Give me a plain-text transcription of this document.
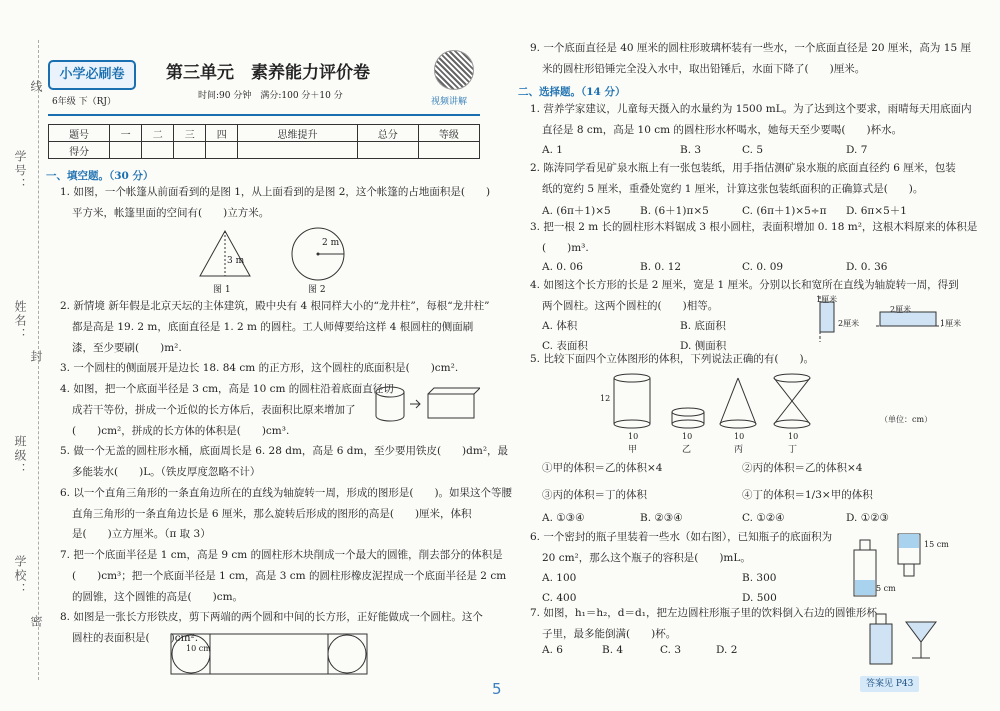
线
学号：
姓名：
封
班级：
学校：
密
小学必刷卷
6年级 下（RJ）
第三单元　素养能力评价卷
时间:90 分钟　满分:100 分＋10 分
视频讲解
题号	一	二	三	四	思维提升	总分	等级
得分							
一、填空题。（30 分）
1. 如图，一个帐篷从前面看到的是图 1，从上面看到的是图 2，这个帐篷的占地面积是(　　)
平方米，帐篷里面的空间有(　　)立方米。
3 m
图 1
2 m
图 2
2. 新情境 新年假是北京天坛的主体建筑，殿中央有 4 根同样大小的“龙井柱”，每根“龙井柱”
都是高是 19. 2 m，底面直径是 1. 2 m 的圆柱。工人师傅要给这样 4 根圆柱的侧面刷
漆，至少要刷(　　)m².
3. 一个圆柱的侧面展开是边长 18. 84 cm 的正方形，这个圆柱的底面积是(　　)cm².
4. 如图，把一个底面半径是 3 cm，高是 10 cm 的圆柱沿着底面直径切
成若干等份，拼成一个近似的长方体后，表面积比原来增加了
(　　)cm²，拼成的长方体的体积是(　　)cm³.
5. 做一个无盖的圆柱形水桶，底面周长是 6. 28 dm，高是 6 dm，至少要用铁皮(　　)dm²，最
多能装水(　　)L。（铁皮厚度忽略不计）
6. 以一个直角三角形的一条直角边所在的直线为轴旋转一周，形成的图形是(　　)。如果这个等腰
直角三角形的一条直角边长是 6 厘米，那么旋转后形成的图形的高是(　　)厘米，体积
是(　　)立方厘米。（π 取 3）
7. 把一个底面半径是 1 cm，高是 9 cm 的圆柱形木块削成一个最大的圆锥，削去部分的体积是
(　　)cm³；把一个底面半径是 1 cm，高是 3 cm 的圆柱形橡皮泥捏成一个底面半径是 2 cm
的圆锥，这个圆锥的高是(　　)cm。
8. 如图是一张长方形铁皮，剪下两端的两个圆和中间的长方形，正好能做成一个圆柱。这个
圆柱的表面积是(　　)cm².
10 cm
9. 一个底面直径是 40 厘米的圆柱形玻璃杯装有一些水，一个底面直径是 20 厘米，高为 15 厘
米的圆柱形铅锤完全没入水中，取出铅锤后，水面下降了(　　)厘米。
二、选择题。（14 分）
1. 营养学家建议，儿童每天摄入的水量约为 1500 mL。为了达到这个要求，雨晴每天用底面内
直径是 8 cm，高是 10 cm 的圆柱形水杯喝水，她每天至少要喝(　　)杯水。
A. 1	B. 3	C. 5	D. 7
2. 陈涛同学看见矿泉水瓶上有一张包装纸，用手指估测矿泉水瓶的底面直径约 6 厘米，包装
纸的宽约 5 厘米，重叠处宽约 1 厘米，计算这张包装纸面积的正确算式是(　　)。
A. (6π＋1)×5	B. (6＋1)π×5	C. (6π＋1)×5÷π D. 6π×5＋1
3. 把一根 2 m 长的圆柱形木料锯成 3 根小圆柱，表面积增加 0. 18 m²，这根木料原来的体积是
(　　)m³.
A. 0. 06	B. 0. 12	C. 0. 09	D. 0. 36
4. 如图这个长方形的长是 2 厘米，宽是 1 厘米。分别以长和宽所在直线为轴旋转一周，得到
两个圆柱。这两个圆柱的(　　)相等。
A. 体积	B. 底面积
C. 表面积	D. 侧面积
1厘米
2厘米
2厘米
1厘米
5. 比较下面四个立体图形的体积，下列说法正确的有(　　)。
12
10	10	10	10
甲	乙	丙	丁
（单位：cm）
①甲的体积＝乙的体积×4	②丙的体积＝乙的体积×4
③丙的体积＝丁的体积	④丁的体积＝1/3×甲的体积
A. ①③④	B. ②③④	C. ①②④	D. ①②③
6. 一个密封的瓶子里装着一些水（如右图），已知瓶子的底面积为
20 cm²，那么这个瓶子的容积是(　　)mL。
A. 100	B. 300
C. 400	D. 500
15 cm
5 cm
7. 如图，h₁＝h₂，d＝d₁，把左边圆柱形瓶子里的饮料倒入右边的圆锥形杯
子里，最多能倒满(　　)杯。
A. 6	B. 4	C. 3	D. 2
答案见 P43
5
